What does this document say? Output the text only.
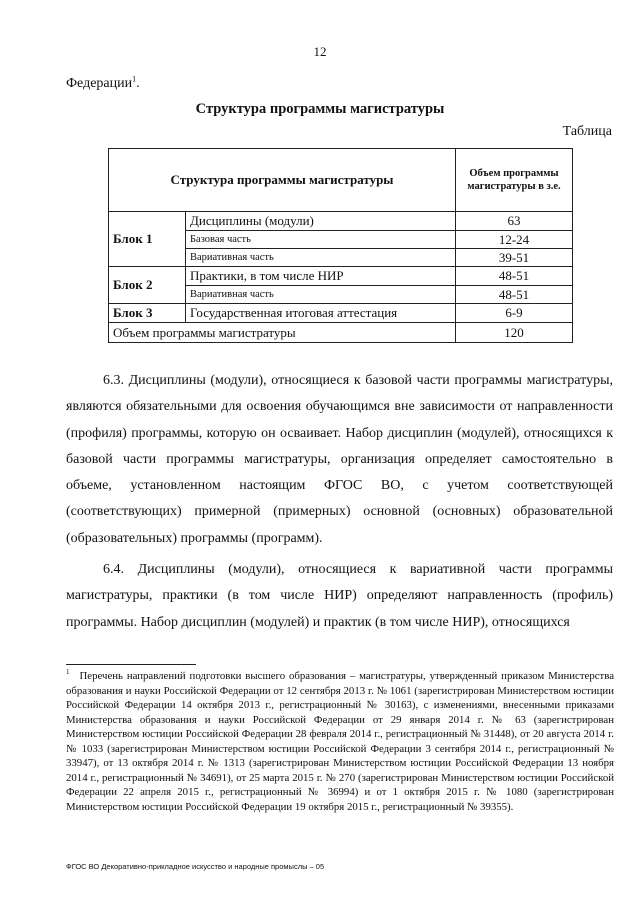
12
Федерации$^1$.
Структура программы магистратуры
Таблица
Структура программы магистратуры		Объем программы магистратуры в з.е.
Блок 1	Дисциплины (модули)	63
	Базовая часть	12-24
	Вариативная часть	39-51
Блок 2	Практики, в том числе НИР	48-51
	Вариативная часть	48-51
Блок 3	Государственная итоговая аттестация	6-9
Объем программы магистратуры		120

6.3. Дисциплины (модули), относящиеся к базовой части программы магистратуры, являются обязательными для освоения обучающимся вне зависимости от направленности (профиля) программы, которую он осваивает. Набор дисциплин (модулей), относящихся к базовой части программы магистратуры, организация определяет самостоятельно в объеме, установленном настоящим ФГОС ВО, с учетом соответствующей (соответствующих) примерной (примерных) основной (основных) образовательной (образовательных) программы (программ).

6.4. Дисциплины (модули), относящиеся к вариативной части программы магистратуры, практики (в том числе НИР) определяют направленность (профиль) программы. Набор дисциплин (модулей) и практик (в том числе НИР), относящихся

$^1$ Перечень направлений подготовки высшего образования – магистратуры, утвержденный приказом Министерства образования и науки Российской Федерации от 12 сентября 2013 г. № 1061 (зарегистрирован Министерством юстиции Российской Федерации 14 октября 2013 г., регистрационный № 30163), с изменениями, внесенными приказами Министерства образования и науки Российской Федерации от 29 января 2014 г. № 63 (зарегистрирован Министерством юстиции Российской Федерации 28 февраля 2014 г., регистрационный № 31448), от 20 августа 2014 г. № 1033 (зарегистрирован Министерством юстиции Российской Федерации 3 сентября 2014 г., регистрационный № 33947), от 13 октября 2014 г. № 1313 (зарегистрирован Министерством юстиции Российской Федерации 13 ноября 2014 г., регистрационный № 34691), от 25 марта 2015 г. № 270 (зарегистрирован Министерством юстиции Российской Федерации 22 апреля 2015 г., регистрационный № 36994) и от 1 октября 2015 г. № 1080 (зарегистрирован Министерством юстиции Российской Федерации 19 октября 2015 г., регистрационный № 39355).
ФГОС ВО Декоративно-прикладное искусство и народные промыслы – 05
